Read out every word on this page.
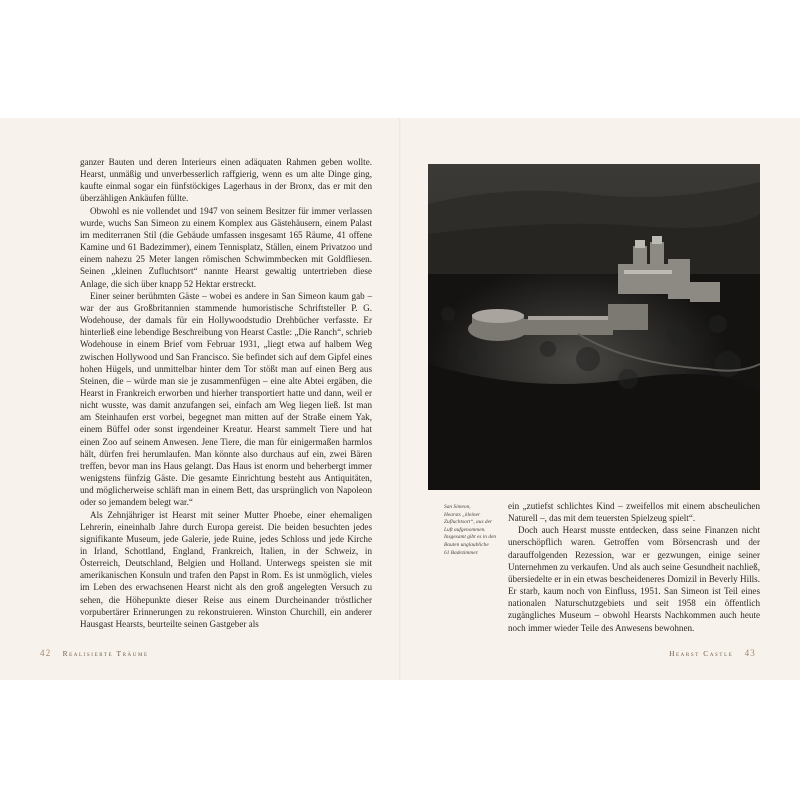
ganzer Bauten und deren Interieurs einen adäquaten Rahmen geben wollte. Hearst, unmäßig und unverbesserlich raffgierig, wenn es um alte Dinge ging, kaufte einmal sogar ein fünfstöckiges Lagerhaus in der Bronx, das er mit den überzähligen Ankäufen füllte.

Obwohl es nie vollendet und 1947 von seinem Besitzer für immer verlassen wurde, wuchs San Simeon zu einem Komplex aus Gästehäusern, einem Palast im mediterranen Stil (die Gebäude umfassen insgesamt 165 Räume, 41 offene Kamine und 61 Badezimmer), einem Tennisplatz, Ställen, einem Privatzoo und einem nahezu 25 Meter langen römischen Schwimmbecken mit Goldfliesen. Seinen „kleinen Zufluchtsort“ nannte Hearst gewaltig untertrieben diese Anlage, die sich über knapp 52 Hektar erstreckt.

Einer seiner berühmten Gäste – wobei es andere in San Simeon kaum gab – war der aus Großbritannien stammende humoristische Schriftsteller P. G. Wodehouse, der damals für ein Hollywoodstudio Drehbücher verfasste. Er hinterließ eine lebendige Beschreibung von Hearst Castle: „Die Ranch“, schrieb Wodehouse in einem Brief vom Februar 1931, „liegt etwa auf halbem Weg zwischen Hollywood und San Francisco. Sie befindet sich auf dem Gipfel eines hohen Hügels, und unmittelbar hinter dem Tor stößt man auf einen Berg aus Steinen, die – würde man sie je zusammenfügen – eine alte Abtei ergäben, die Hearst in Frankreich erworben und hierher transportiert hatte und dann, weil er nicht wusste, was damit anzufangen sei, einfach am Weg liegen ließ. Ist man am Steinhaufen erst vorbei, begegnet man mitten auf der Straße einem Yak, einem Büffel oder sonst irgendeiner Kreatur. Hearst sammelt Tiere und hat einen Zoo auf seinem Anwesen. Jene Tiere, die man für einigermaßen harmlos hält, dürfen frei herumlaufen. Man könnte also durchaus auf ein, zwei Bären treffen, bevor man ins Haus gelangt. Das Haus ist enorm und beherbergt immer wenigstens fünfzig Gäste. Die gesamte Einrichtung besteht aus Antiquitäten, und möglicherweise schläft man in einem Bett, das ursprünglich von Napoleon oder so jemandem belegt war.“

Als Zehnjähriger ist Hearst mit seiner Mutter Phoebe, einer ehemaligen Lehrerin, eineinhalb Jahre durch Europa gereist. Die beiden besuchten jedes signifikante Museum, jede Galerie, jede Ruine, jedes Schloss und jede Kirche in Irland, Schottland, England, Frankreich, Italien, in der Schweiz, in Österreich, Deutschland, Belgien und Holland. Unterwegs speisten sie mit amerikanischen Konsuln und trafen den Papst in Rom. Es ist unmöglich, vieles im Leben des erwachsenen Hearst nicht als den groß angelegten Versuch zu sehen, die Höhepunkte dieser Reise aus einem Durcheinander tröstlicher vorpubertärer Erinnerungen zu rekonstruieren. Winston Churchill, ein anderer Hausgast Hearsts, beurteilte seinen Gastgeber als

42 Realisierte Träume
San Simeon,
Hearsts „kleiner
Zufluchtsort“, aus der
Luft aufgenommen.
Insgesamt gibt es in den
Bauten unglaubliche
61 Badezimmer.

ein „zutiefst schlichtes Kind – zweifellos mit einem abscheulichen Naturell –, das mit dem teuersten Spielzeug spielt“.

Doch auch Hearst musste entdecken, dass seine Finanzen nicht unerschöpflich waren. Getroffen vom Börsencrash und der darauffolgenden Rezession, war er gezwungen, einige seiner Unternehmen zu verkaufen. Und als auch seine Gesundheit nachließ, übersiedelte er in ein etwas bescheideneres Domizil in Beverly Hills. Er starb, kaum noch von Einfluss, 1951. San Simeon ist Teil eines nationalen Naturschutzgebiets und seit 1958 ein öffentlich zugängliches Museum – obwohl Hearsts Nachkommen auch heute noch immer wieder Teile des Anwesens bewohnen.

Hearst Castle 43
